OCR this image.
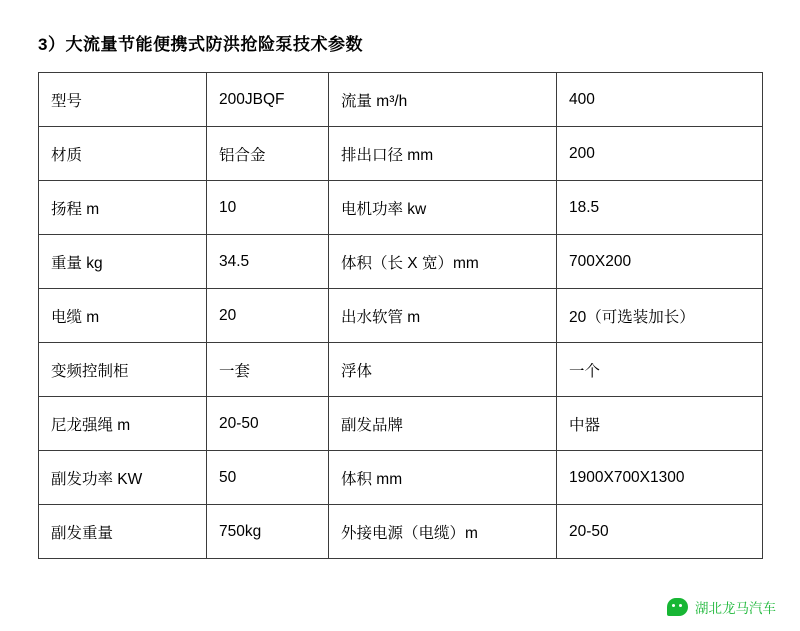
3）大流量节能便携式防洪抢险泵技术参数
型号	200JBQF	流量 m³/h	400
材质	铝合金	排出口径 mm	200
扬程 m	10	电机功率 kw	18.5
重量 kg	34.5	体积（长 X 宽）mm	700X200
电缆 m	20	出水软管 m	20（可选装加长）
变频控制柜	一套	浮体	一个
尼龙强绳 m	20-50	副发品牌	中器
副发功率 KW	50	体积 mm	1900X700X1300
副发重量	750kg	外接电源（电缆）m	20-50
湖北龙马汽车
